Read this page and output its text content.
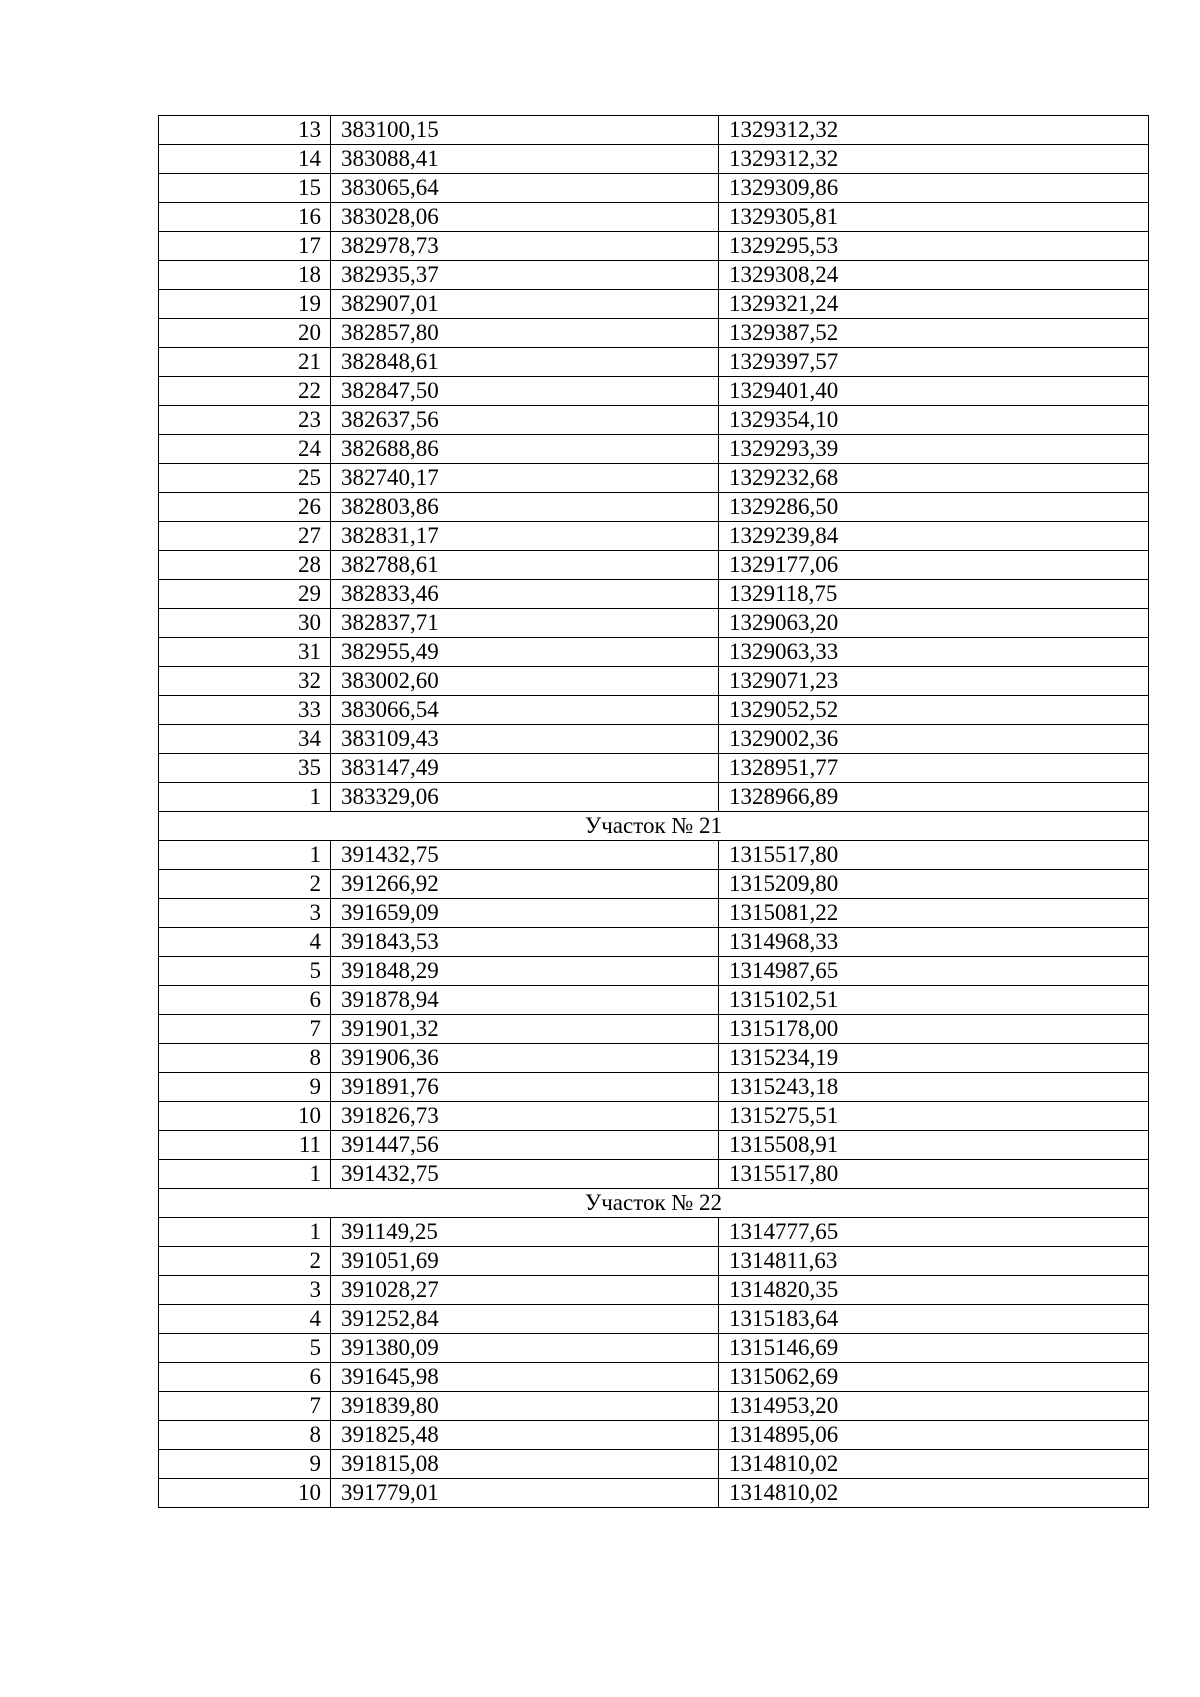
13	383100,15	1329312,32
14	383088,41	1329312,32
15	383065,64	1329309,86
16	383028,06	1329305,81
17	382978,73	1329295,53
18	382935,37	1329308,24
19	382907,01	1329321,24
20	382857,80	1329387,52
21	382848,61	1329397,57
22	382847,50	1329401,40
23	382637,56	1329354,10
24	382688,86	1329293,39
25	382740,17	1329232,68
26	382803,86	1329286,50
27	382831,17	1329239,84
28	382788,61	1329177,06
29	382833,46	1329118,75
30	382837,71	1329063,20
31	382955,49	1329063,33
32	383002,60	1329071,23
33	383066,54	1329052,52
34	383109,43	1329002,36
35	383147,49	1328951,77
1	383329,06	1328966,89
Участок № 21		
1	391432,75	1315517,80
2	391266,92	1315209,80
3	391659,09	1315081,22
4	391843,53	1314968,33
5	391848,29	1314987,65
6	391878,94	1315102,51
7	391901,32	1315178,00
8	391906,36	1315234,19
9	391891,76	1315243,18
10	391826,73	1315275,51
11	391447,56	1315508,91
1	391432,75	1315517,80
Участок № 22		
1	391149,25	1314777,65
2	391051,69	1314811,63
3	391028,27	1314820,35
4	391252,84	1315183,64
5	391380,09	1315146,69
6	391645,98	1315062,69
7	391839,80	1314953,20
8	391825,48	1314895,06
9	391815,08	1314810,02
10	391779,01	1314810,02
